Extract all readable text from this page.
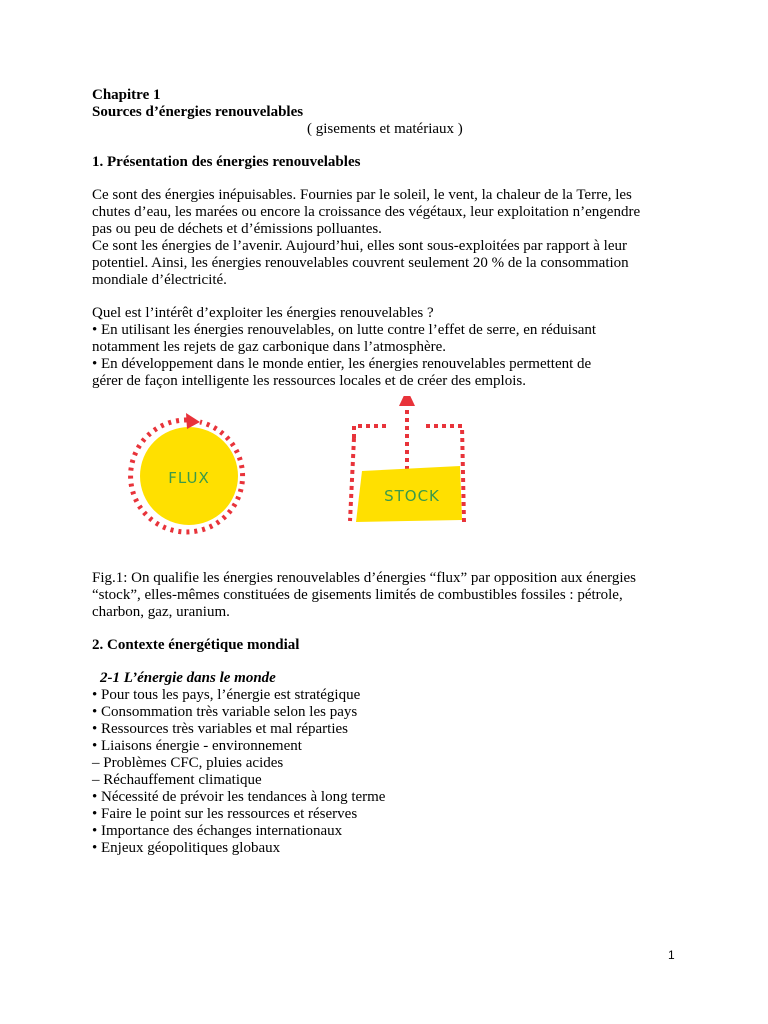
Chapitre 1
Sources d’énergies renouvelables
( gisements et matériaux )
1. Présentation des énergies renouvelables
Ce sont des énergies inépuisables. Fournies par le soleil, le vent, la chaleur de la Terre, les
chutes d’eau, les marées ou encore la croissance des végétaux, leur exploitation n’engendre
pas ou peu de déchets et d’émissions polluantes.
Ce sont les énergies de l’avenir. Aujourd’hui, elles sont sous-exploitées par rapport à leur
potentiel. Ainsi, les énergies renouvelables couvrent seulement 20 % de la consommation
mondiale d’électricité.
Quel est l’intérêt d’exploiter les énergies renouvelables ?
• En utilisant les énergies renouvelables, on lutte contre l’effet de serre, en réduisant
notamment les rejets de gaz carbonique dans l’atmosphère.
• En développement dans le monde entier, les énergies renouvelables permettent de
gérer de façon intelligente les ressources locales et de créer des emplois.
FLUX
STOCK
Fig.1: On qualifie les énergies renouvelables d’énergies “flux” par opposition aux énergies
“stock”, elles-mêmes constituées de gisements limités de combustibles fossiles : pétrole,
charbon, gaz, uranium.
2. Contexte énergétique mondial
2-1 L’énergie dans le monde
• Pour tous les pays, l’énergie est stratégique
• Consommation très variable selon les pays
• Ressources très variables et mal réparties
• Liaisons énergie - environnement
– Problèmes CFC, pluies acides
– Réchauffement climatique
• Nécessité de prévoir les tendances à long terme
• Faire le point sur les ressources et réserves
• Importance des échanges internationaux
• Enjeux géopolitiques globaux
1
